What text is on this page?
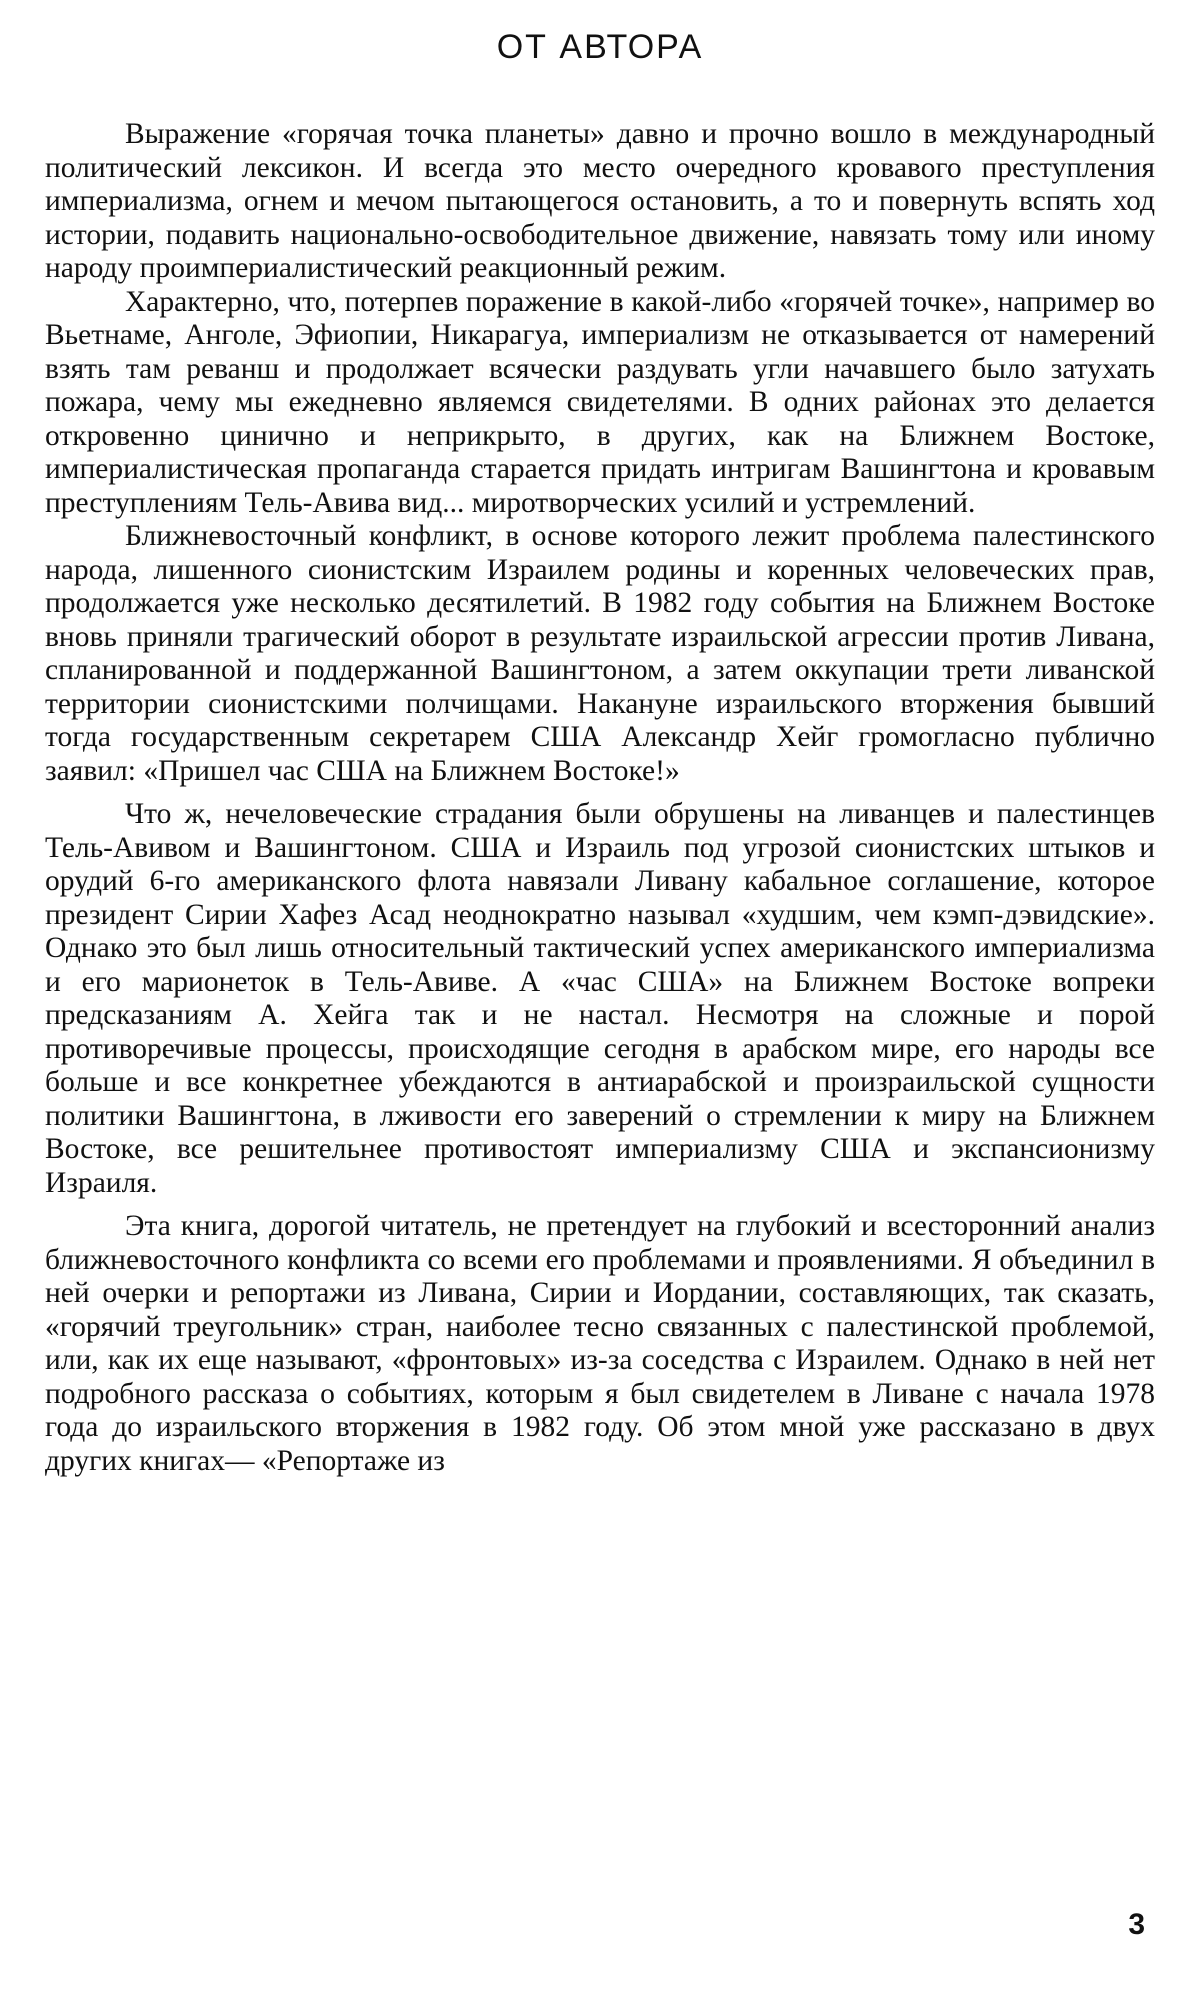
ОТ АВТОРА

Выражение «горячая точка планеты» давно и прочно вошло в международный политический лексикон. И всегда это место очередного кровавого преступления империализма, огнем и мечом пытающегося остановить, а то и повернуть вспять ход истории, подавить национально-освободительное движение, навязать тому или иному народу проимпериалистический реакционный режим.

Характерно, что, потерпев поражение в какой-либо «горячей точке», например во Вьетнаме, Анголе, Эфиопии, Никарагуа, империализм не отказывается от намерений взять там реванш и продолжает всячески раздувать угли начавшего было затухать пожара, чему мы ежедневно являемся свидетелями. В одних районах это делается откровенно цинично и неприкрыто, в других, как на Ближнем Востоке, империалистическая пропаганда старается придать интригам Вашингтона и кровавым преступлениям Тель-Авива вид... миротворческих усилий и устремлений.

Ближневосточный конфликт, в основе которого лежит проблема палестинского народа, лишенного сионистским Израилем родины и коренных человеческих прав, продолжается уже несколько десятилетий. В 1982 году события на Ближнем Востоке вновь приняли трагический оборот в результате израильской агрессии против Ливана, спланированной и поддержанной Вашингтоном, а затем оккупации трети ливанской территории сионистскими полчищами. Накануне израильского вторжения бывший тогда государственным секретарем США Александр Хейг громогласно публично заявил: «Пришел час США на Ближнем Востоке!»

Что ж, нечеловеческие страдания были обрушены на ливанцев и палестинцев Тель-Авивом и Вашингтоном. США и Израиль под угрозой сионистских штыков и орудий 6-го американского флота навязали Ливану кабальное соглашение, которое президент Сирии Хафез Асад неоднократно называл «худшим, чем кэмп-дэвидские». Однако это был лишь относительный тактический успех американского империализма и его марионеток в Тель-Авиве. А «час США» на Ближнем Востоке вопреки предсказаниям А. Хейга так и не настал. Несмотря на сложные и порой противоречивые процессы, происходящие сегодня в арабском мире, его народы все больше и все конкретнее убеждаются в антиарабской и произраильской сущности политики Вашингтона, в лживости его заверений о стремлении к миру на Ближнем Востоке, все решительнее противостоят империализму США и экспансионизму Израиля.

Эта книга, дорогой читатель, не претендует на глубокий и всесторонний анализ ближневосточного конфликта со всеми его проблемами и проявлениями. Я объединил в ней очерки и репортажи из Ливана, Сирии и Иордании, составляющих, так сказать, «горячий треугольник» стран, наиболее тесно связанных с палестинской проблемой, или, как их еще называют, «фронтовых» из-за соседства с Израилем. Однако в ней нет подробного рассказа о событиях, которым я был свидетелем в Ливане с начала 1978 года до израильского вторжения в 1982 году. Об этом мной уже рассказано в двух других книгах— «Репортаже из

3
